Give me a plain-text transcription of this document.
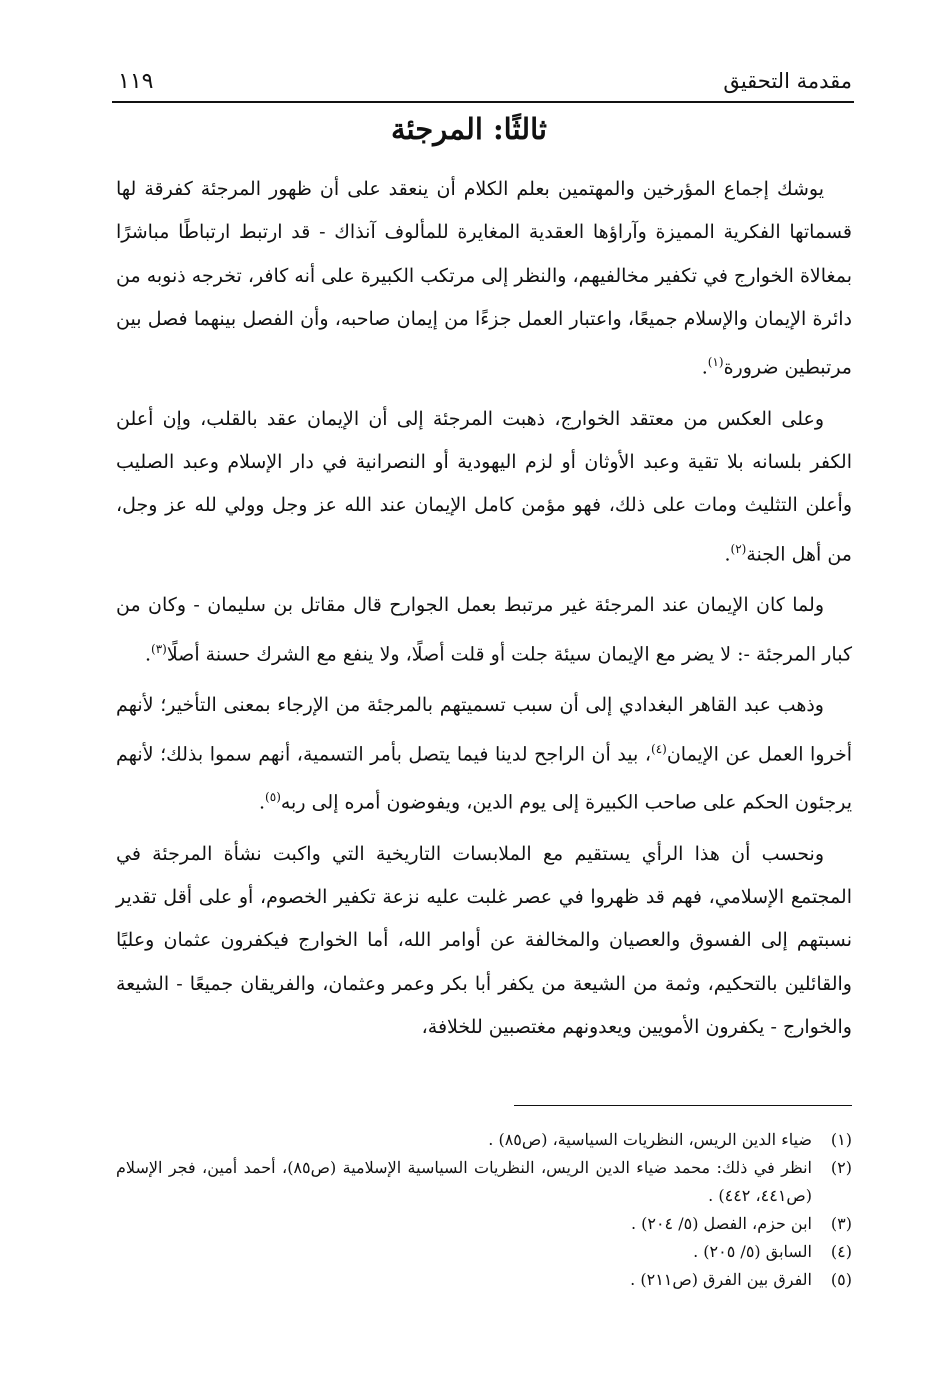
مقدمة التحقيق
١١٩
ثالثًا: المرجئة

يوشك إجماع المؤرخين والمهتمين بعلم الكلام أن ينعقد على أن ظهور المرجئة كفرقة لها قسماتها الفكرية المميزة وآراؤها العقدية المغايرة للمألوف آنذاك - قد ارتبط ارتباطًا مباشرًا بمغالاة الخوارج في تكفير مخالفيهم، والنظر إلى مرتكب الكبيرة على أنه كافر، تخرجه ذنوبه من دائرة الإيمان والإسلام جميعًا، واعتبار العمل جزءًا من إيمان صاحبه، وأن الفصل بينهما فصل بين مرتبطين ضرورة$^{(١)}$.

وعلى العكس من معتقد الخوارج، ذهبت المرجئة إلى أن الإيمان عقد بالقلب، وإن أعلن الكفر بلسانه بلا تقية وعبد الأوثان أو لزم اليهودية أو النصرانية في دار الإسلام وعبد الصليب وأعلن التثليث ومات على ذلك، فهو مؤمن كامل الإيمان عند الله عز وجل وولي لله عز وجل، من أهل الجنة$^{(٢)}$.

ولما كان الإيمان عند المرجئة غير مرتبط بعمل الجوارح قال مقاتل بن سليمان - وكان من كبار المرجئة -: لا يضر مع الإيمان سيئة جلت أو قلت أصلًا، ولا ينفع مع الشرك حسنة أصلًا$^{(٣)}$.

وذهب عبد القاهر البغدادي إلى أن سبب تسميتهم بالمرجئة من الإرجاء بمعنى التأخير؛ لأنهم أخروا العمل عن الإيمان$^{(٤)}$، بيد أن الراجح لدينا فيما يتصل بأمر التسمية، أنهم سموا بذلك؛ لأنهم يرجئون الحكم على صاحب الكبيرة إلى يوم الدين، ويفوضون أمره إلى ربه$^{(٥)}$.

ونحسب أن هذا الرأي يستقيم مع الملابسات التاريخية التي واكبت نشأة المرجئة في المجتمع الإسلامي، فهم قد ظهروا في عصر غلبت عليه نزعة تكفير الخصوم، أو على أقل تقدير نسبتهم إلى الفسوق والعصيان والمخالفة عن أوامر الله، أما الخوارج فيكفرون عثمان وعليًا والقائلين بالتحكيم، وثمة من الشيعة من يكفر أبا بكر وعمر وعثمان، والفريقان جميعًا - الشيعة والخوارج - يكفرون الأمويين ويعدونهم مغتصبين للخلافة،

(١)
ضياء الدين الريس، النظريات السياسية، (ص٨٥) .
(٢)
انظر في ذلك: محمد ضياء الدين الريس، النظريات السياسية الإسلامية (ص٨٥)، أحمد أمين، فجر الإسلام (ص٤٤١، ٤٤٢) .
(٣)
ابن حزم، الفصل (٥/ ٢٠٤) .
(٤)
السابق (٥/ ٢٠٥) .
(٥)
الفرق بين الفرق (ص٢١١) .
